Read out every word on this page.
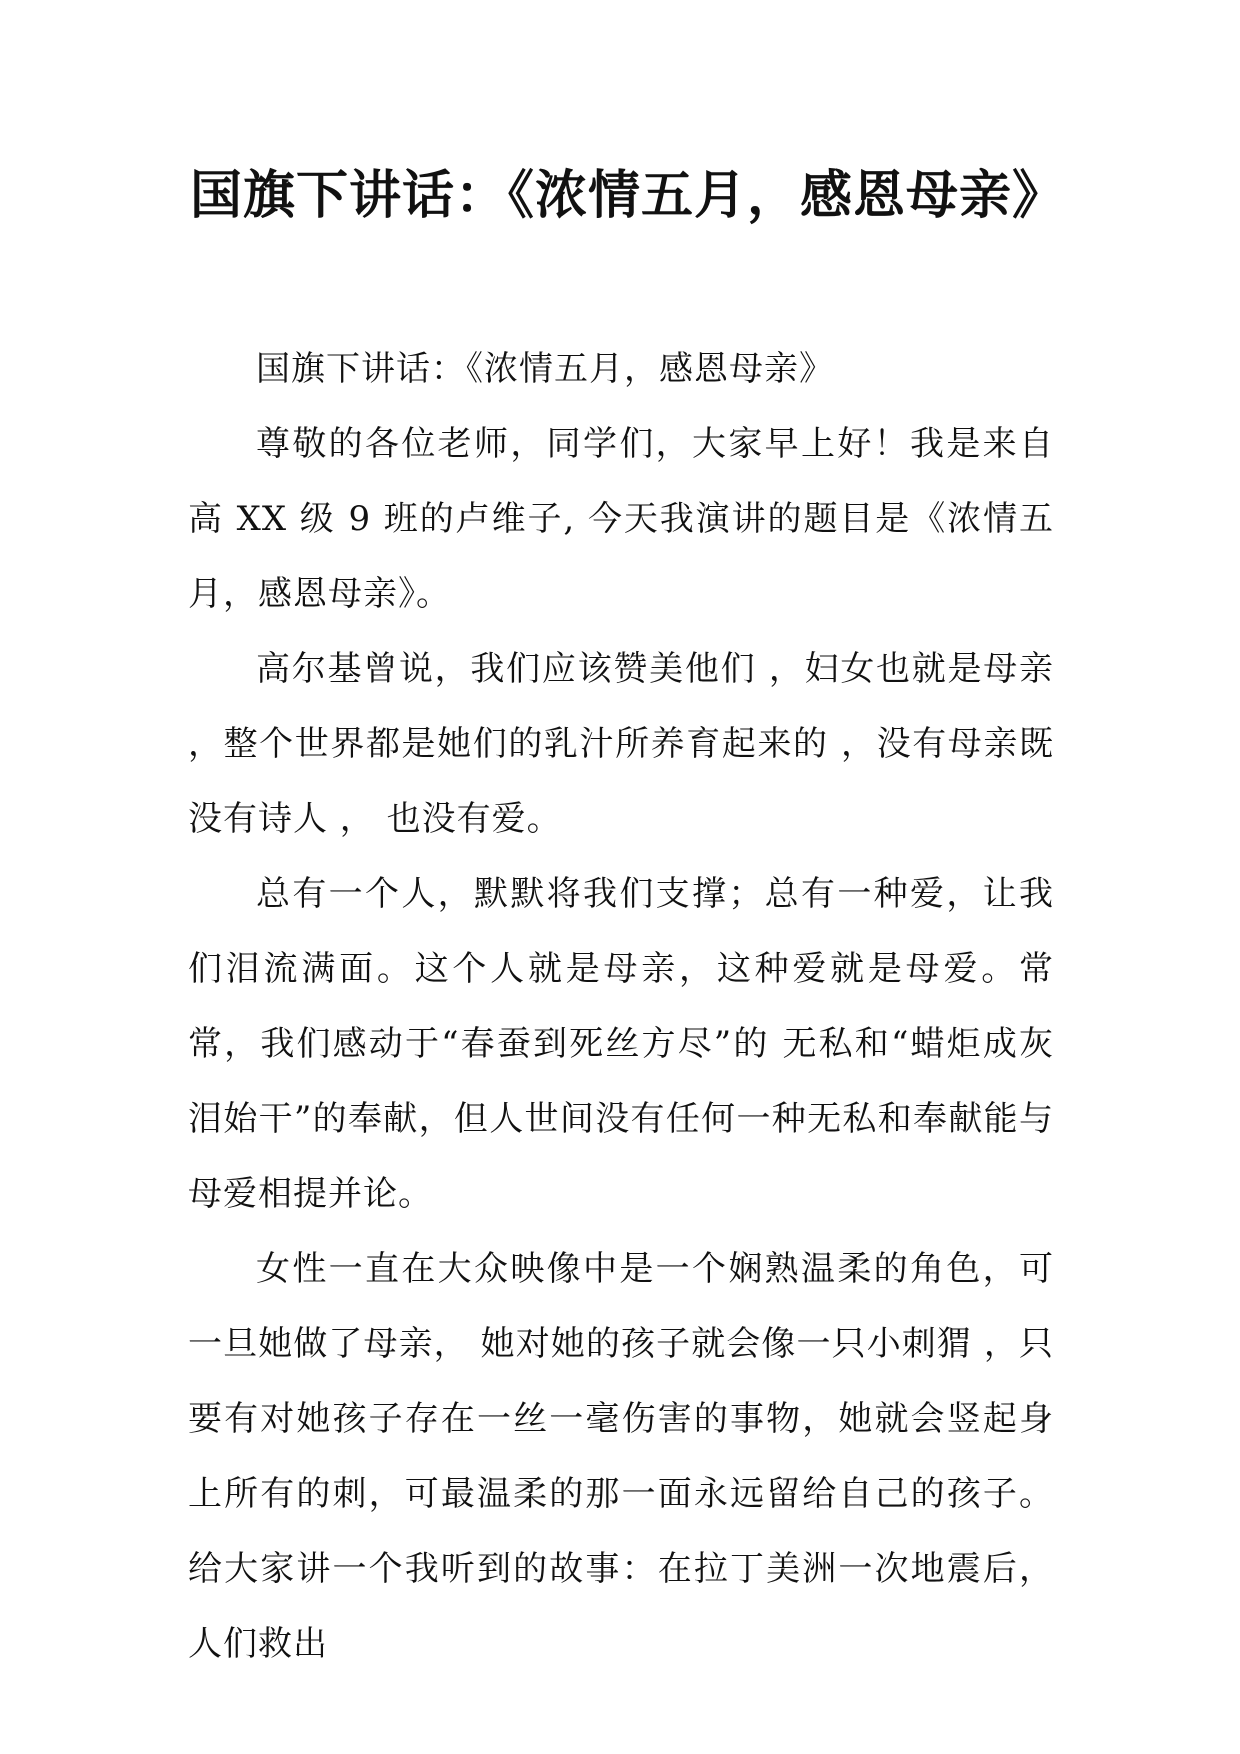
国旗下讲话：《浓情五月，感恩母亲》

国旗下讲话：《浓情五月，感恩母亲》

尊敬的各位老师，同学们，大家早上好！我是来自高 XX 级 9 班的卢维子, 今天我演讲的题目是《浓情五月，感恩母亲》。

高尔基曾说，我们应该赞美他们 ，妇女也就是母亲 ，整个世界都是她们的乳汁所养育起来的 ，没有母亲既没有诗人 ， 也没有爱。

总有一个人，默默将我们支撑；总有一种爱，让我们泪流满面。这个人就是母亲，这种爱就是母爱。常常，我们感动于“春蚕到死丝方尽”的 无私和“蜡炬成灰泪始干”的奉献，但人世间没有任何一种无私和奉献能与母爱相提并论。

女性一直在大众映像中是一个娴熟温柔的角色，可一旦她做了母亲， 她对她的孩子就会像一只小刺猬 ，只要有对她孩子存在一丝一毫伤害的事物，她就会竖起身上所有的刺，可最温柔的那一面永远留给自己的孩子。给大家讲一个我听到的故事：在拉丁美洲一次地震后，人们救出
